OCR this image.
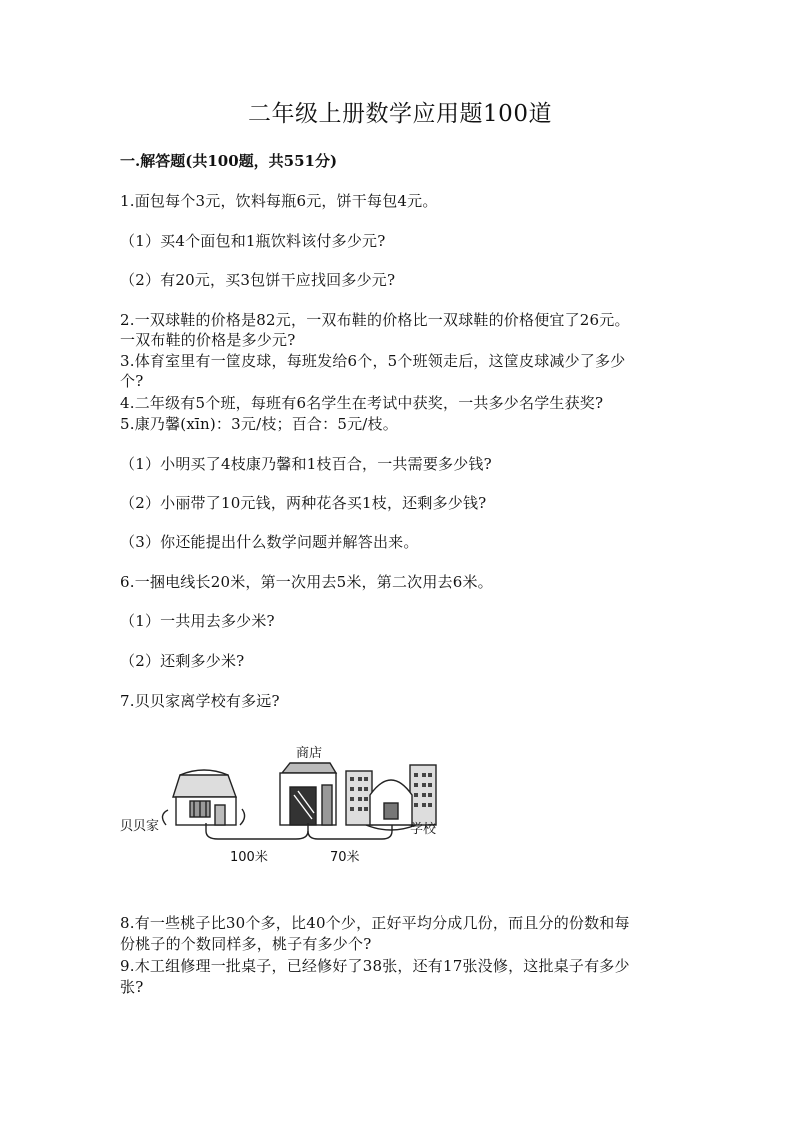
二年级上册数学应用题100道
一.解答题(共100题，共551分)
1.面包每个3元，饮料每瓶6元，饼干每包4元。
（1）买4个面包和1瓶饮料该付多少元?
（2）有20元，买3包饼干应找回多少元?
2.一双球鞋的价格是82元，一双布鞋的价格比一双球鞋的价格便宜了26元。
一双布鞋的价格是多少元?
3.体育室里有一筐皮球，每班发给6个，5个班领走后，这筐皮球减少了多少
个?
4.二年级有5个班，每班有6名学生在考试中获奖，一共多少名学生获奖?
5.康乃馨(xīn)：3元/枝；百合：5元/枝。
（1）小明买了4枝康乃馨和1枝百合，一共需要多少钱?
（2）小丽带了10元钱，两种花各买1枝，还剩多少钱?
（3）你还能提出什么数学问题并解答出来。
6.一捆电线长20米，第一次用去5米，第二次用去6米。
（1）一共用去多少米?
（2）还剩多少米?
7.贝贝家离学校有多远?
商店
贝贝家	学校
100米	70米
8.有一些桃子比30个多，比40个少，正好平均分成几份，而且分的份数和每
份桃子的个数同样多，桃子有多少个?
9.木工组修理一批桌子，已经修好了38张，还有17张没修，这批桌子有多少
张?
